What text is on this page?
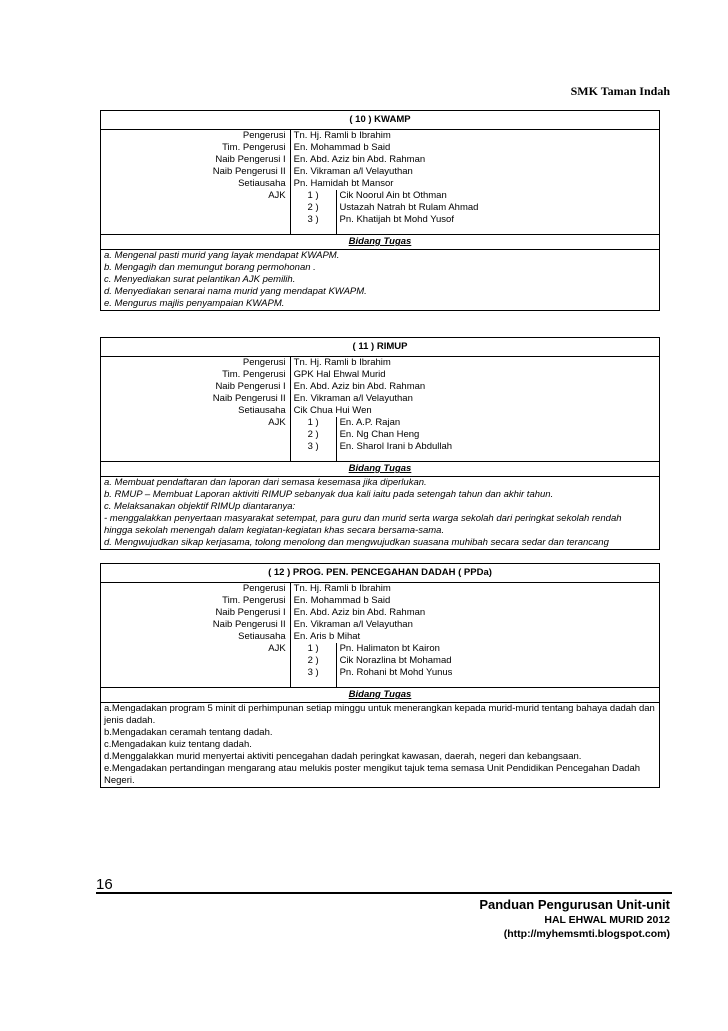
SMK Taman Indah
( 10 ) KWAMP		
Pengerusi	Tn. Hj. Ramli b Ibrahim	
Tim. Pengerusi	En. Mohammad b Said	
Naib Pengerusi I	En. Abd. Aziz bin Abd. Rahman	
Naib Pengerusi II	En. Vikraman a/l Velayuthan	
Setiausaha	Pn. Hamidah bt Mansor	
AJK	1 )	Cik Noorul Ain bt Othman
	2 )	Ustazah Natrah bt Rulam Ahmad
	3 )	Pn. Khatijah bt Mohd Yusof

Bidang Tugas		
a. Mengenal pasti murid yang layak mendapat KWAPM.		
b. Mengagih dan memungut borang permohonan .		
c. Menyediakan surat pelantikan AJK pemilih.		
d. Menyediakan senarai nama murid yang mendapat KWAPM.		
e. Mengurus majlis penyampaian KWAPM.		
( 11 ) RIMUP		
Pengerusi	Tn. Hj. Ramli b Ibrahim	
Tim. Pengerusi	GPK Hal Ehwal Murid	
Naib Pengerusi I	En. Abd. Aziz bin Abd. Rahman	
Naib Pengerusi II	En. Vikraman a/l Velayuthan	
Setiausaha	Cik Chua Hui Wen	
AJK	1 )	En. A.P. Rajan
	2 )	En. Ng Chan Heng
	3 )	En. Sharol Irani b Abdullah

Bidang Tugas		
a. Membuat pendaftaran dan laporan dari semasa kesemasa jika diperlukan.		
b. RMUP – Membuat Laporan aktiviti RIMUP sebanyak dua kali iaitu pada setengah tahun dan akhir tahun.		
c. Melaksanakan objektif RIMUp diantaranya:		
- menggalakkan penyertaan masyarakat setempat, para guru dan murid serta warga sekolah dari peringkat sekolah rendah		
hingga sekolah menengah dalam kegiatan-kegiatan khas secara bersama-sama.		
d. Mengwujudkan sikap kerjasama, tolong menolong dan mengwujudkan suasana muhibah secara sedar dan terancang		
( 12 ) PROG. PEN. PENCEGAHAN DADAH ( PPDa)		
Pengerusi	Tn. Hj. Ramli b Ibrahim	
Tim. Pengerusi	En. Mohammad b Said	
Naib Pengerusi I	En. Abd. Aziz bin Abd. Rahman	
Naib Pengerusi II	En. Vikraman a/l Velayuthan	
Setiausaha	En. Aris b Mihat	
AJK	1 )	Pn. Halimaton bt Kairon
	2 )	Cik Norazlina bt Mohamad
	3 )	Pn. Rohani bt Mohd Yunus

Bidang Tugas		
a.Mengadakan program 5 minit di perhimpunan setiap minggu untuk menerangkan kepada murid-murid tentang bahaya dadah dan jenis dadah.		
b.Mengadakan ceramah tentang dadah.		
c.Mengadakan kuiz tentang dadah.		
d.Menggalakkan murid menyertai aktiviti pencegahan dadah peringkat kawasan, daerah, negeri dan kebangsaan.		
e.Mengadakan pertandingan mengarang atau melukis poster mengikut tajuk tema semasa Unit Pendidikan Pencegahan Dadah Negeri.		
16
Panduan Pengurusan Unit-unit
HAL EHWAL MURID 2012
(http://myhemsmti.blogspot.com)
